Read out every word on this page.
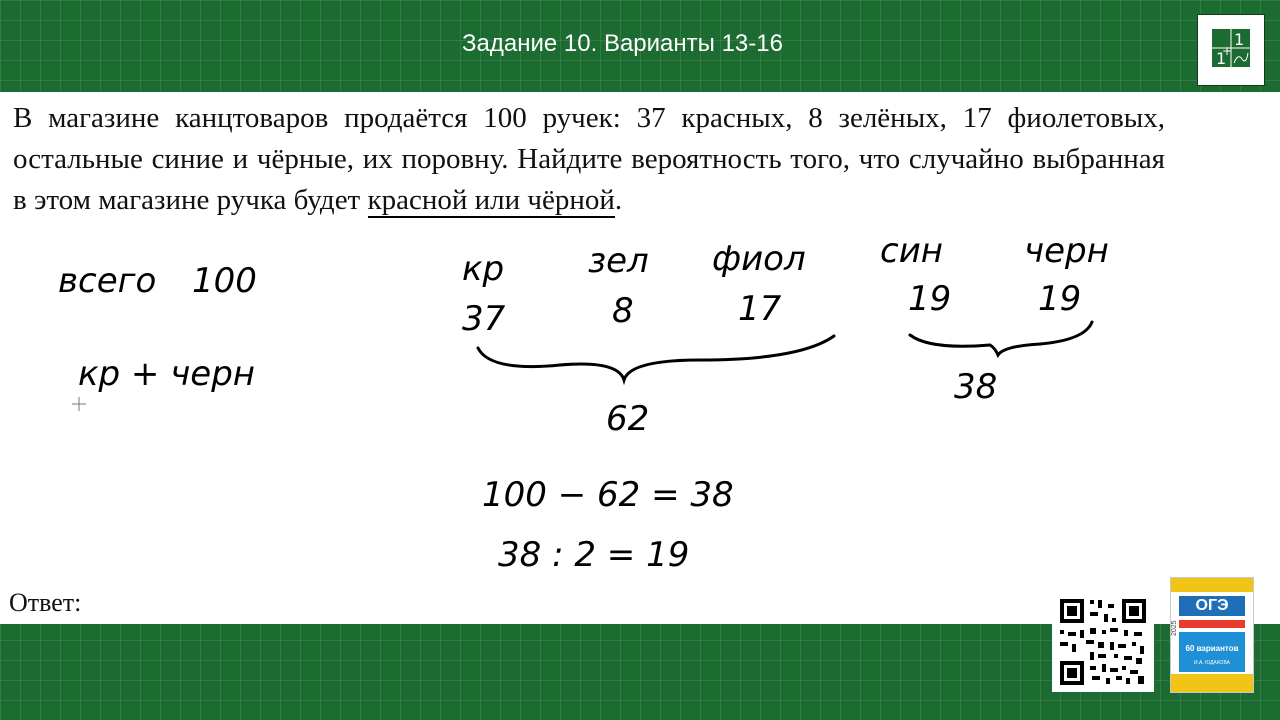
Задание 10. Варианты 13-16	1
1
+

В магазине канцтоваров продаётся 100 ручек: 37 красных, 8 зелёных, 17 фиолетовых, остальные синие и чёрные, их поровну. Найдите вероятность того, что случайно выбранная в этом магазине ручка будет красной или чёрной.

Ответ:
всего 100
кр + черн
кр
37
зел
8
фиол
17
син
19
черн
19
62
38
100 − 62 = 38
38 : 2 = 19
2025
ОГЭ
60 вариантов
И.А. ЮДАКОВА
